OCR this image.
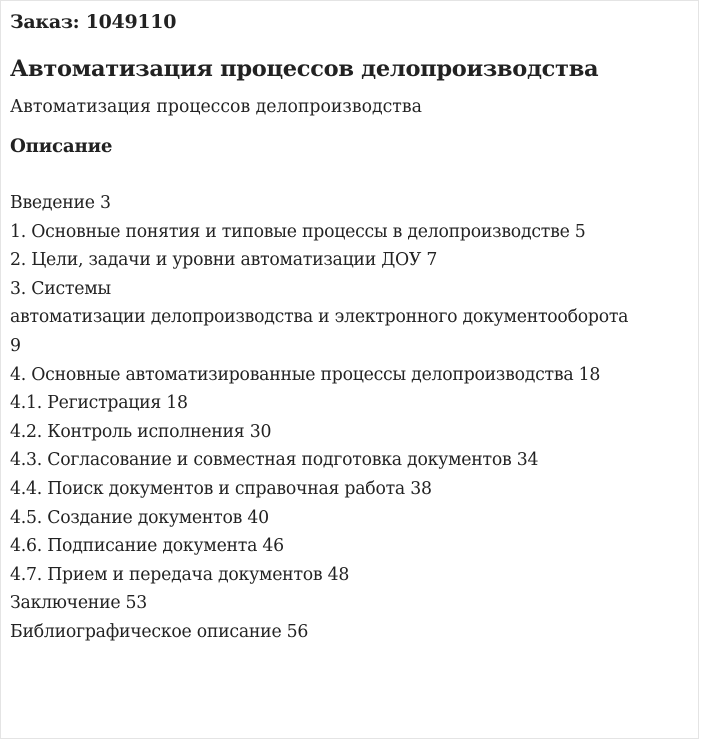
Заказ: 1049110
Автоматизация процессов делопроизводства
Автоматизация процессов делопроизводства
Описание
Введение 3
1. Основные понятия и типовые процессы в делопроизводстве 5
2. Цели, задачи и уровни автоматизации ДОУ 7
3. Системы
автоматизации делопроизводства и электронного документооборота
9
4. Основные автоматизированные процессы делопроизводства 18
4.1. Регистрация 18
4.2. Контроль исполнения 30
4.3. Согласование и совместная подготовка документов 34
4.4. Поиск документов и справочная работа 38
4.5. Создание документов 40
4.6. Подписание документа 46
4.7. Прием и передача документов 48
Заключение 53
Библиографическое описание 56
